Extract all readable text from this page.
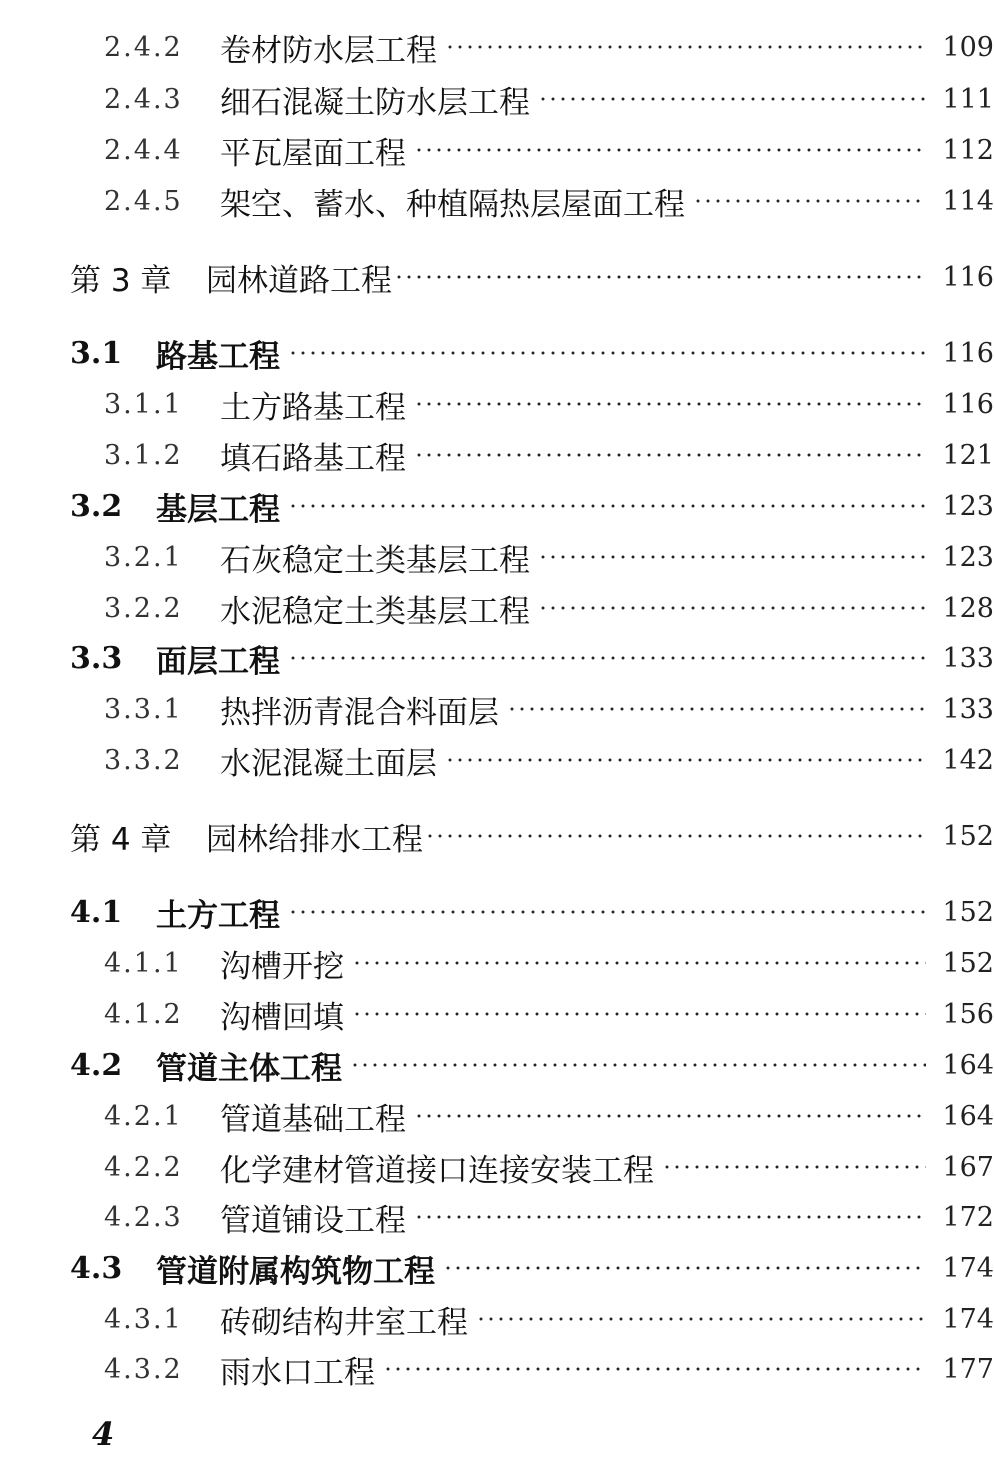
2.4.2	卷材防水层工程	109
2.4.3	细石混凝土防水层工程	111
2.4.4	平瓦屋面工程	112
2.4.5	架空、蓄水、种植隔热层屋面工程	114
第 3 章	园林道路工程	116
3.1	路基工程	116
3.1.1	土方路基工程	116
3.1.2	填石路基工程	121
3.2	基层工程	123
3.2.1	石灰稳定土类基层工程	123
3.2.2	水泥稳定土类基层工程	128
3.3	面层工程	133
3.3.1	热拌沥青混合料面层	133
3.3.2	水泥混凝土面层	142
第 4 章	园林给排水工程	152
4.1	土方工程	152
4.1.1	沟槽开挖	152
4.1.2	沟槽回填	156
4.2	管道主体工程	164
4.2.1	管道基础工程	164
4.2.2	化学建材管道接口连接安装工程	167
4.2.3	管道铺设工程	172
4.3	管道附属构筑物工程	174
4.3.1	砖砌结构井室工程	174
4.3.2	雨水口工程	177
4
